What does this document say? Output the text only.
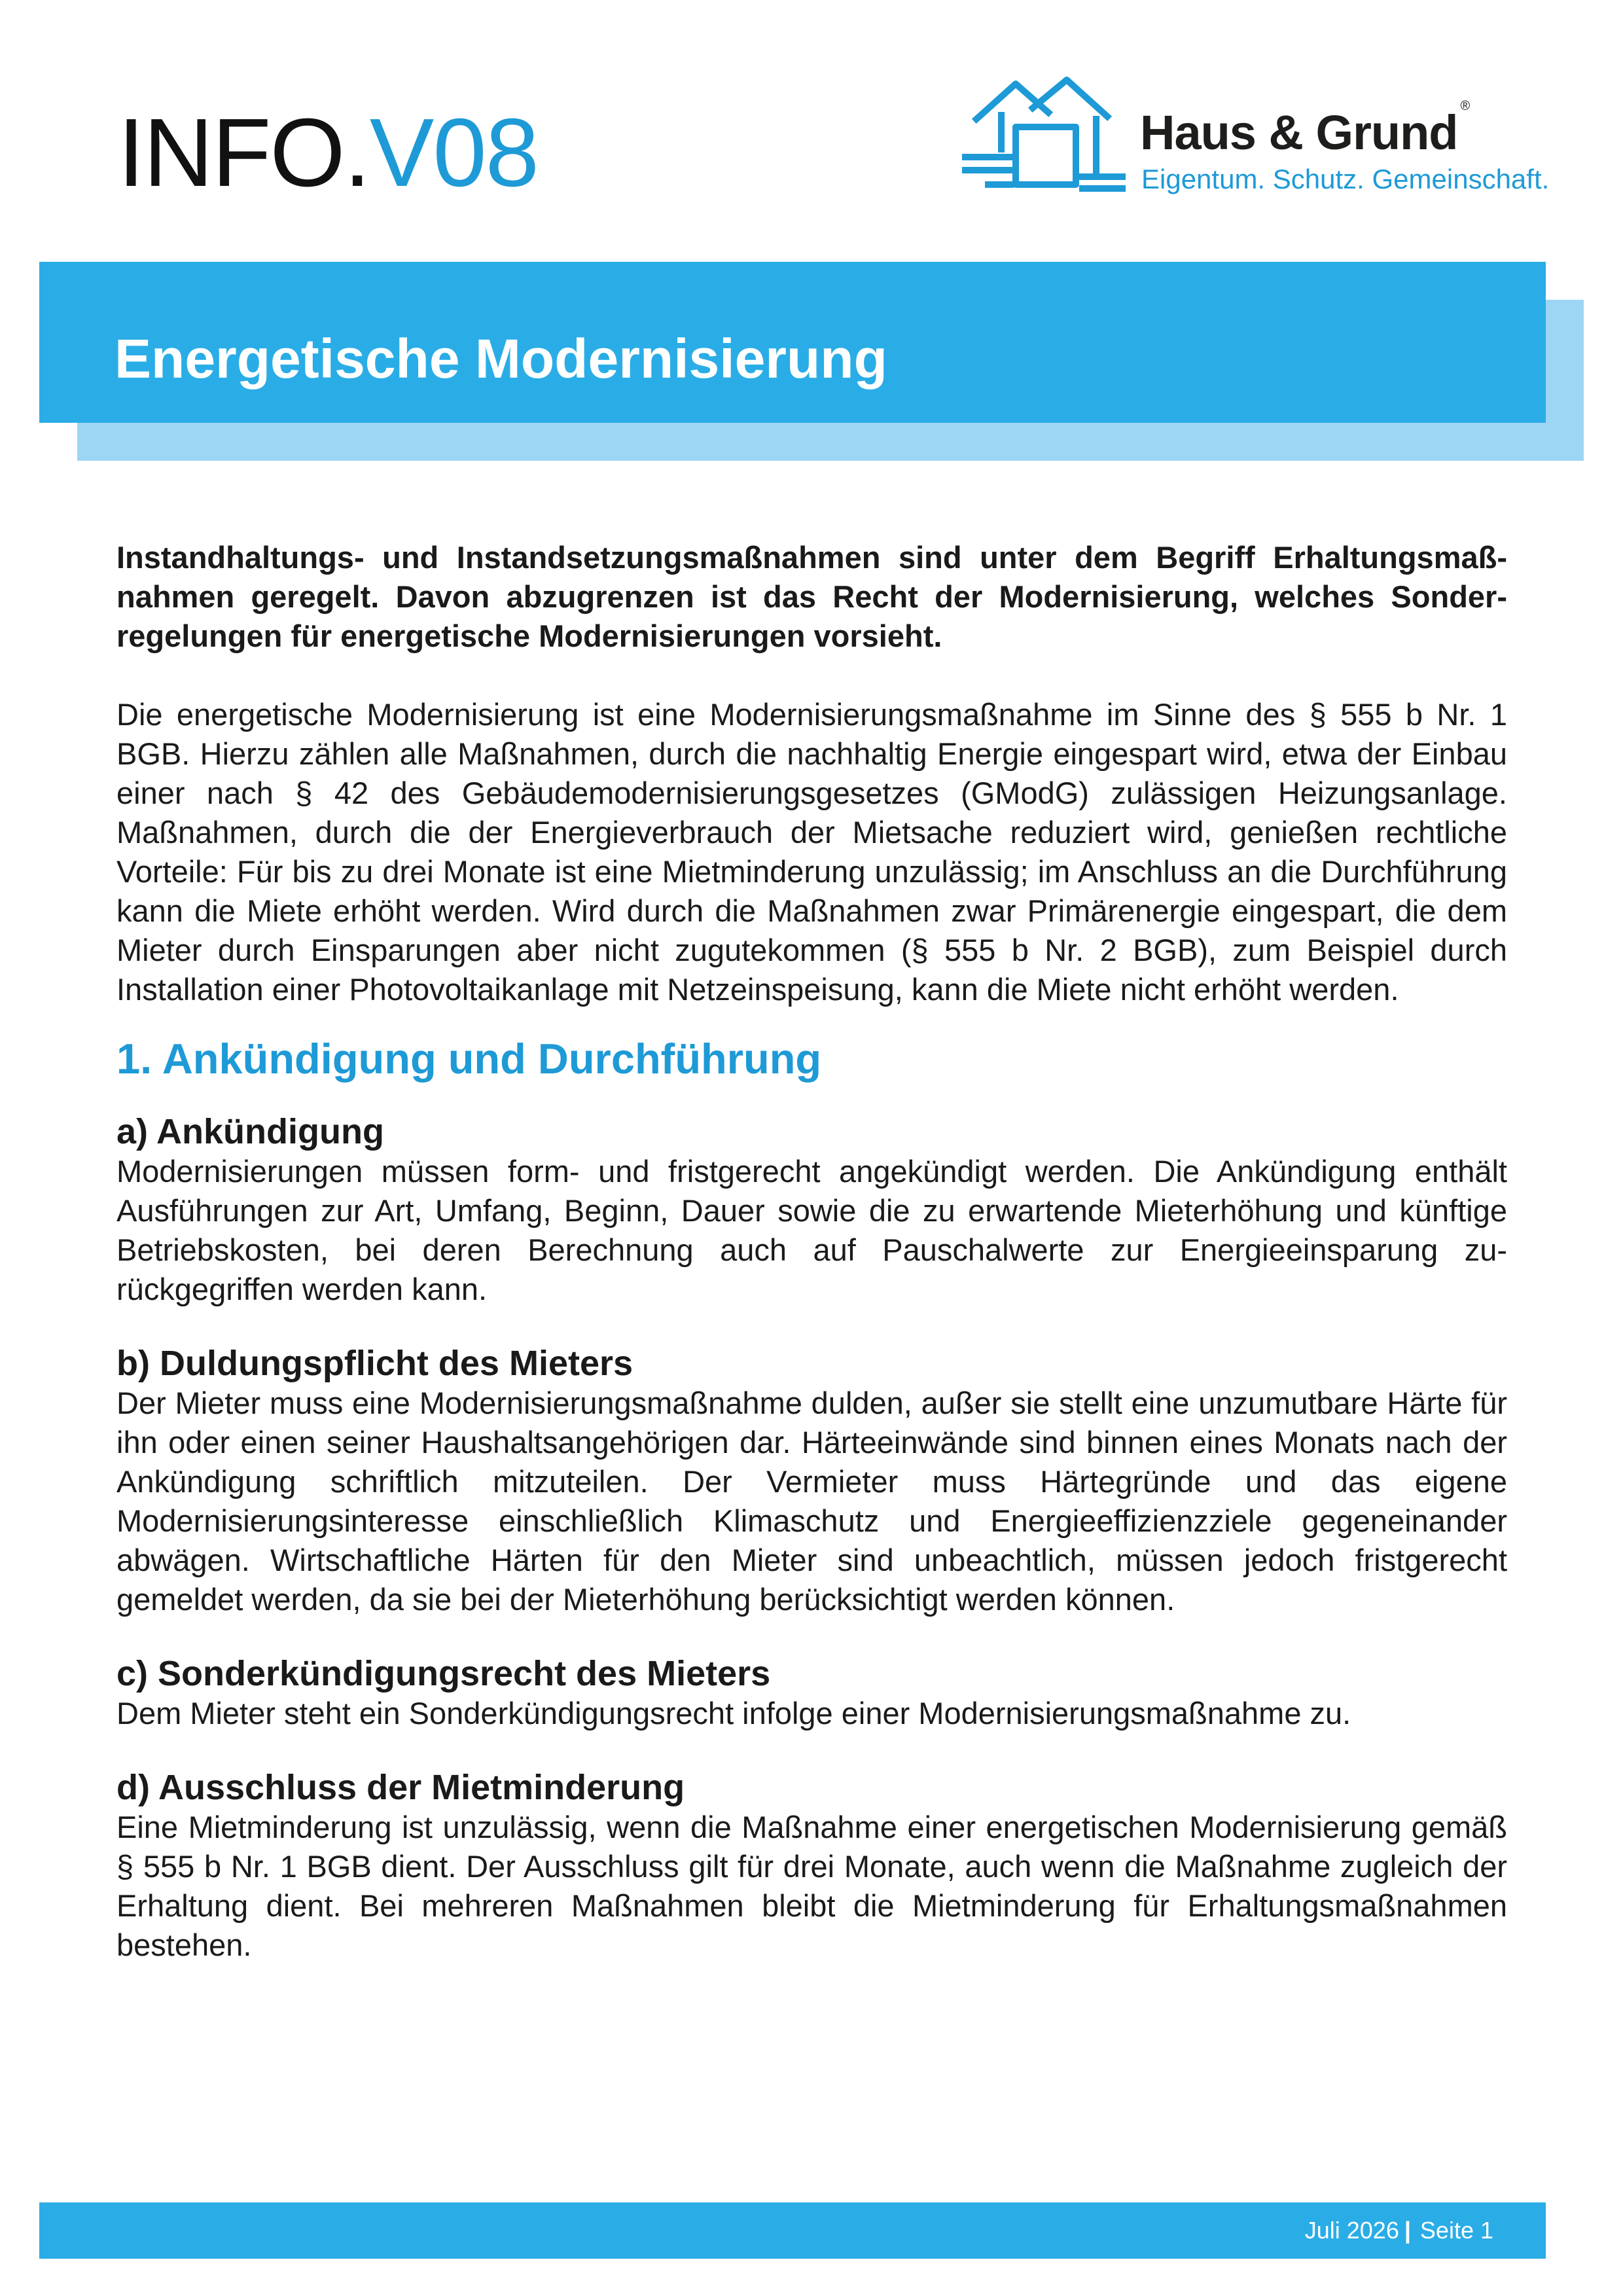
INFO.V08	Haus & Grund ®
Eigentum. Schutz. Gemeinschaft.
Energetische Modernisierung

Instandhaltungs- und Instandsetzungsmaßnahmen sind unter dem Begriff Erhaltungsmaßnahmen geregelt. Davon abzugrenzen ist das Recht der Modernisierung, welches Sonderregelungen für energetische Modernisierungen vorsieht.

Die energetische Modernisierung ist eine Modernisierungsmaßnahme im Sinne des § 555 b Nr. 1 BGB. Hierzu zählen alle Maßnahmen, durch die nachhaltig Energie eingespart wird, etwa der Einbau einer nach § 42 des Gebäudemodernisierungsgesetzes (GModG) zulässigen Heizungsanlage. Maßnahmen, durch die der Energieverbrauch der Mietsache reduziert wird, genießen rechtliche Vorteile: Für bis zu drei Monate ist eine Mietminderung unzulässig; im Anschluss an die Durchführung kann die Miete erhöht werden. Wird durch die Maßnahmen zwar Primärenergie eingespart, die dem Mieter durch Einsparungen aber nicht zugutekommen (§ 555 b Nr. 2 BGB), zum Beispiel durch Installation einer Photovoltaikanlage mit Netzeinspeisung, kann die Miete nicht erhöht werden.

1. Ankündigung und Durchführung
a) Ankündigung

Modernisierungen müssen form- und fristgerecht angekündigt werden. Die Ankündigung enthält Ausführungen zur Art, Umfang, Beginn, Dauer sowie die zu erwartende Mieterhöhung und künftige Betriebskosten, bei deren Berechnung auch auf Pauschalwerte zur Energieeinsparung zurückgegriffen werden kann.

b) Duldungspflicht des Mieters

Der Mieter muss eine Modernisierungsmaßnahme dulden, außer sie stellt eine unzumutbare Härte für ihn oder einen seiner Haushaltsangehörigen dar. Härteeinwände sind binnen eines Monats nach der Ankündigung schriftlich mitzuteilen. Der Vermieter muss Härtegründe und das eigene Modernisierungsinteresse einschließlich Klimaschutz und Energieeffizienzziele gegeneinander abwägen. Wirtschaftliche Härten für den Mieter sind unbeachtlich, müssen jedoch fristgerecht gemeldet werden, da sie bei der Mieterhöhung berücksichtigt werden können.

c) Sonderkündigungsrecht des Mieters

Dem Mieter steht ein Sonderkündigungsrecht infolge einer Modernisierungsmaßnahme zu.

d) Ausschluss der Mietminderung

Eine Mietminderung ist unzulässig, wenn die Maßnahme einer energetischen Modernisierung gemäß § 555 b Nr. 1 BGB dient. Der Ausschluss gilt für drei Monate, auch wenn die Maßnahme zugleich der Erhaltung dient. Bei mehreren Maßnahmen bleibt die Mietminderung für Erhaltungsmaßnahmen bestehen.

Juli 2026 | Seite 1
